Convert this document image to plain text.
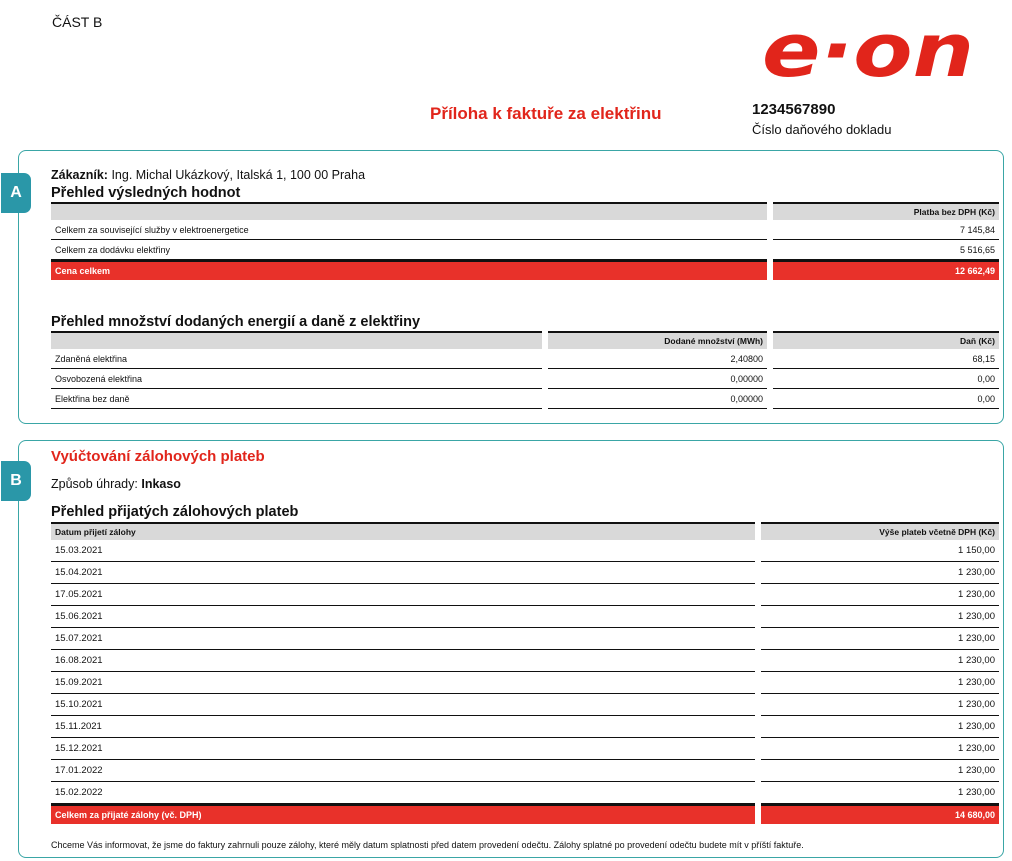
ČÁST B	e·on
Příloha k faktuře za elektřinu	1234567890
Číslo daňového dokladu
A
Zákazník: Ing. Michal Ukázkový, Italská 1, 100 00 Praha
Přehled výsledných hodnot
		Platba bez DPH (Kč)
Celkem za související služby v elektroenergetice		7 145,84
Celkem za dodávku elektřiny		5 516,65
Cena celkem		12 662,49
Přehled množství dodaných energií a daně z elektřiny
		Dodané množství (MWh)		Daň (Kč)
Zdaněná elektřina		2,40800		68,15
Osvobozená elektřina		0,00000		0,00
Elektřina bez daně		0,00000		0,00
B
Vyúčtování zálohových plateb
Způsob úhrady: Inkaso
Přehled přijatých zálohových plateb
Datum přijetí zálohy		Výše plateb včetně DPH (Kč)
15.03.2021		1 150,00
15.04.2021		1 230,00
17.05.2021		1 230,00
15.06.2021		1 230,00
15.07.2021		1 230,00
16.08.2021		1 230,00
15.09.2021		1 230,00
15.10.2021		1 230,00
15.11.2021		1 230,00
15.12.2021		1 230,00
17.01.2022		1 230,00
15.02.2022		1 230,00
Celkem za přijaté zálohy (vč. DPH)		14 680,00
Chceme Vás informovat, že jsme do faktury zahrnuli pouze zálohy, které měly datum splatnosti před datem provedení odečtu. Zálohy splatné po provedení odečtu budete mít v příští faktuře.
